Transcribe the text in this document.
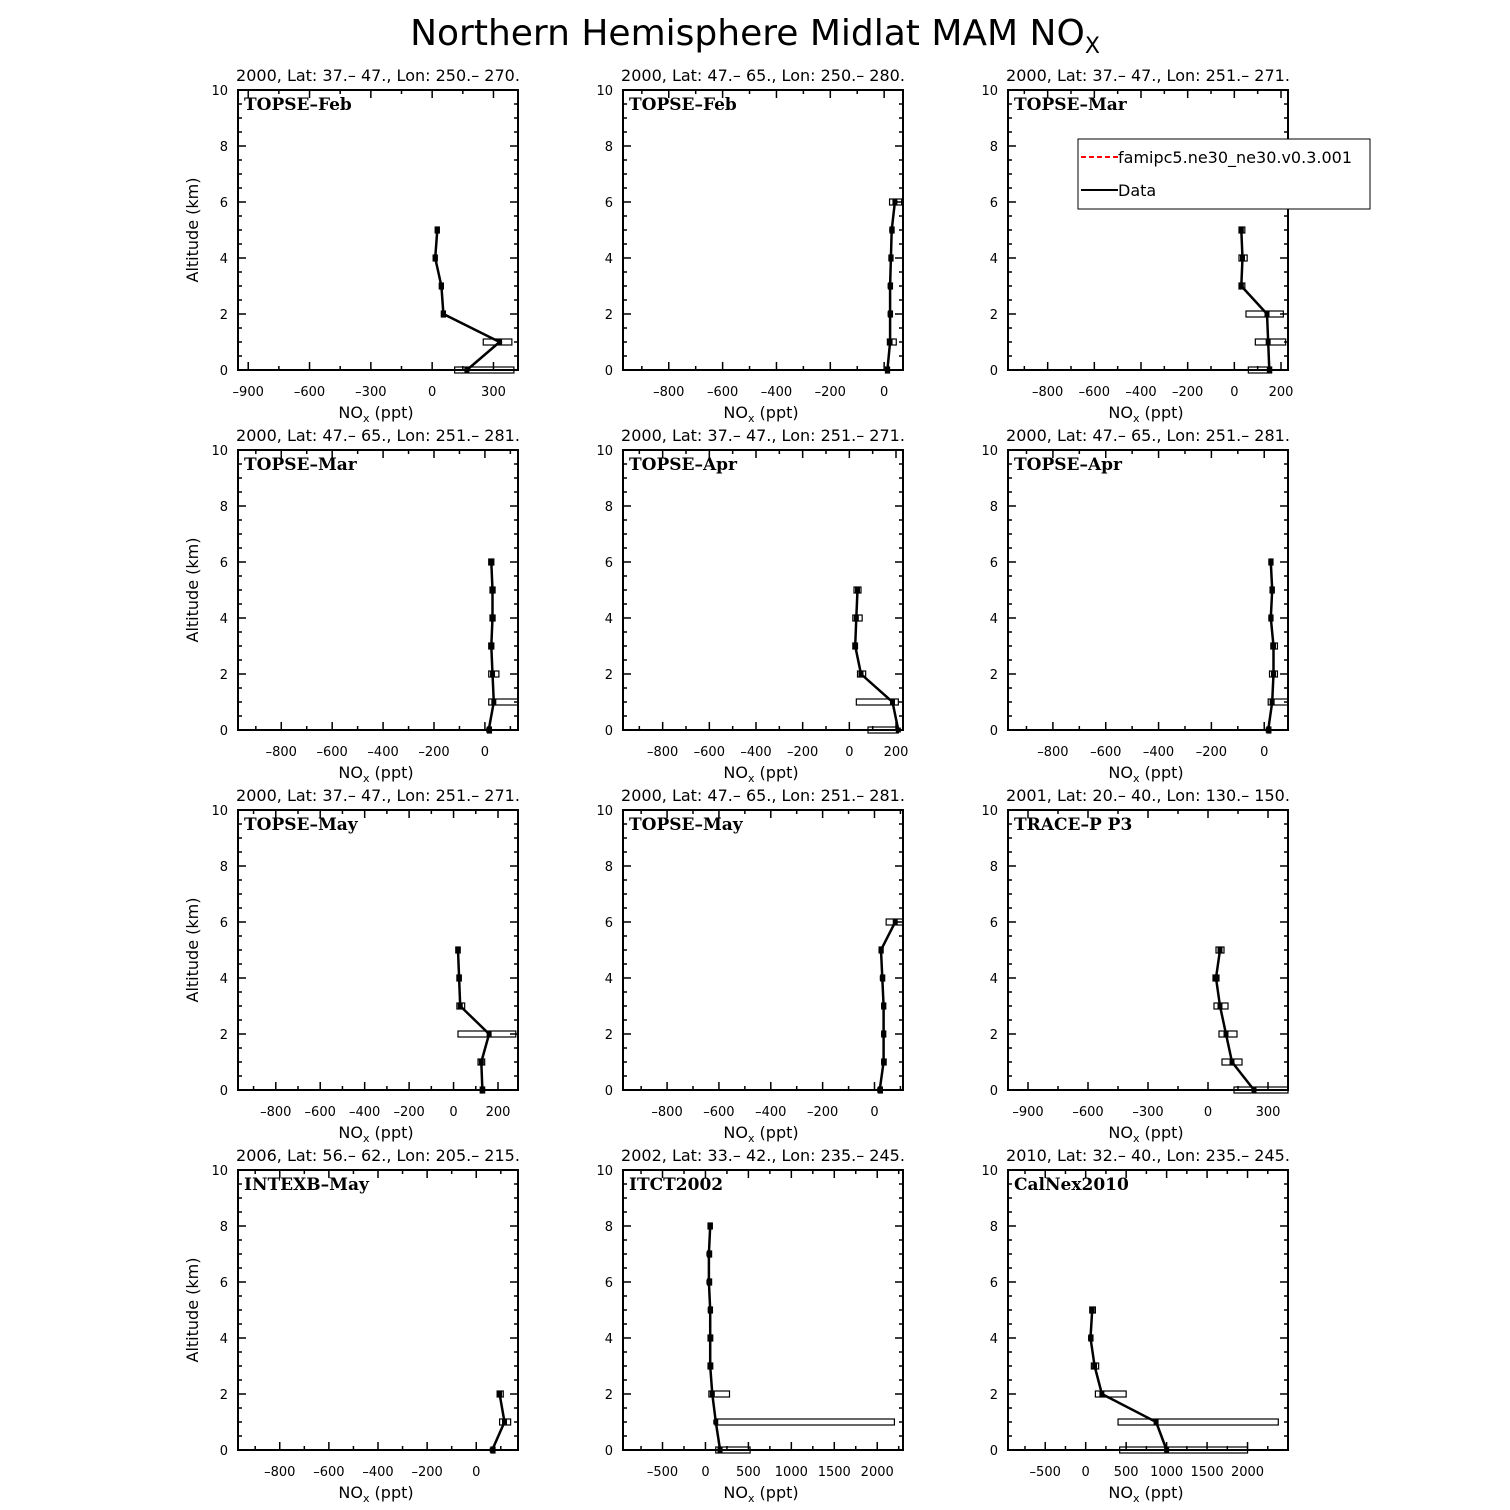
Northern Hemisphere Midlat MAM $NO_X$
2000, Lat: 37.– 47., Lon: 250.– 270.
0
2
4
6
8
10
–900 –600 –300	0	300
$NO_x$ (ppt)
Altitude (km)
TOPSE–Feb
2000, Lat: 47.– 65., Lon: 250.– 280.
0
2
4
6
8
10
–800 –600 –400 –200	0
$NO_x$ (ppt)
TOPSE–Feb
2000, Lat: 37.– 47., Lon: 251.– 271.
0
2
4
6
8
10
–800 –600 –400 –200 0 200
$NO_x$ (ppt)
TOPSE–Mar
2000, Lat: 47.– 65., Lon: 251.– 281.
0
2
4
6
8
10
–800 –600 –400 –200 0
$NO_x$ (ppt)
Altitude (km)
TOPSE–Mar
2000, Lat: 37.– 47., Lon: 251.– 271.
0
2
4
6
8
10
–800 –600 –400 –200 0 200
$NO_x$ (ppt)
TOPSE–Apr
2000, Lat: 47.– 65., Lon: 251.– 281.
0
2
4
6
8
10
–800 –600 –400 –200	0
$NO_x$ (ppt)
TOPSE–Apr
2000, Lat: 37.– 47., Lon: 251.– 271.
0
2
4
6
8
10
–800 –600 –400 –200 0 200
$NO_x$ (ppt)
Altitude (km)
TOPSE–May
2000, Lat: 47.– 65., Lon: 251.– 281.
0
2
4
6
8
10
–800 –600 –400 –200 0
$NO_x$ (ppt)
TOPSE–May
2001, Lat: 20.– 40., Lon: 130.– 150.
0
2
4
6
8
10
–900 –600 –300	0	300
$NO_x$ (ppt)
TRACE–P P3
2006, Lat: 56.– 62., Lon: 205.– 215.
0
2
4
6
8
10
–800 –600 –400 –200 0
$NO_x$ (ppt)
Altitude (km)
INTEXB–May
2002, Lat: 33.– 42., Lon: 235.– 245.
0
2
4
6
8
10
–500 0 500 1000 1500 2000
$NO_x$ (ppt)
ITCT2002
2010, Lat: 32.– 40., Lon: 235.– 245.
0
2
4
6
8
10
–500 0 500 1000 1500 2000
$NO_x$ (ppt)
CalNex2010
famipc5.ne30_ne30.v0.3.001
Data
